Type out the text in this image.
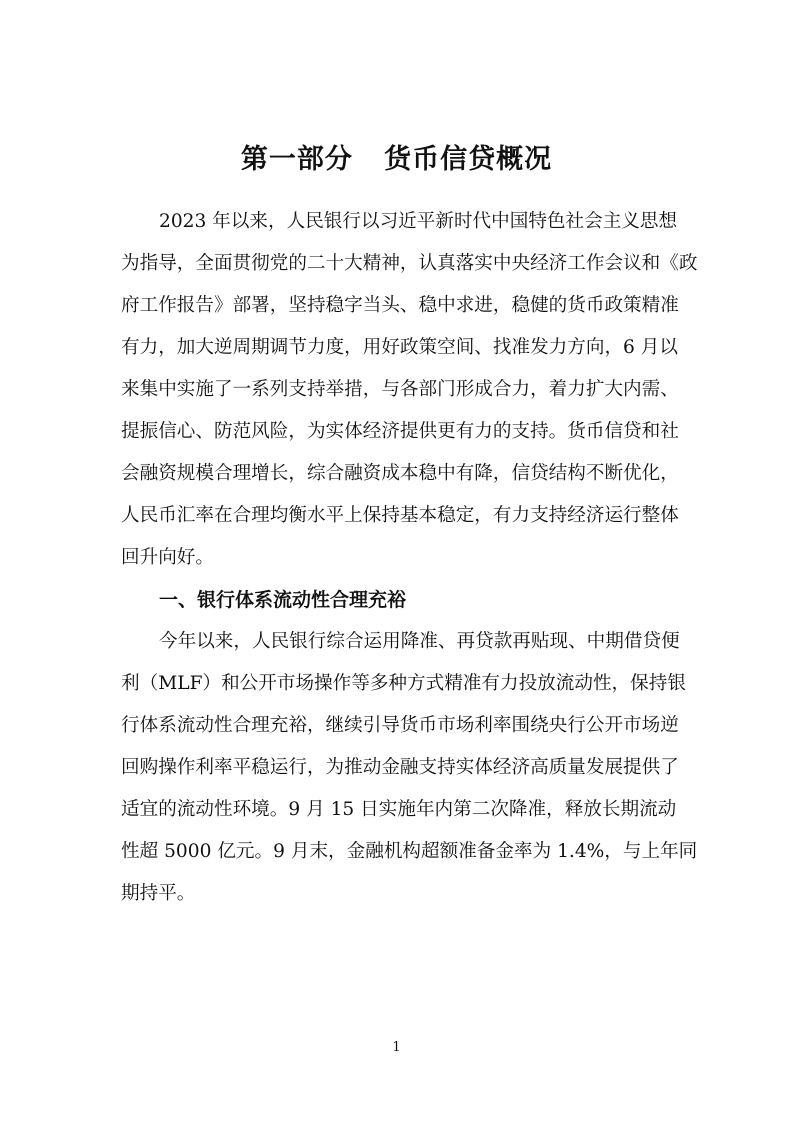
第一部分   货币信贷概况
2023 年以来，人民银行以习近平新时代中国特色社会主义思想
为指导，全面贯彻党的二十大精神，认真落实中央经济工作会议和《政
府工作报告》部署，坚持稳字当头、稳中求进，稳健的货币政策精准
有力，加大逆周期调节力度，用好政策空间、找准发力方向，6 月以
来集中实施了一系列支持举措，与各部门形成合力，着力扩大内需、
提振信心、防范风险，为实体经济提供更有力的支持。货币信贷和社
会融资规模合理增长，综合融资成本稳中有降，信贷结构不断优化，
人民币汇率在合理均衡水平上保持基本稳定，有力支持经济运行整体
回升向好。
一、银行体系流动性合理充裕
今年以来，人民银行综合运用降准、再贷款再贴现、中期借贷便
利（MLF）和公开市场操作等多种方式精准有力投放流动性，保持银
行体系流动性合理充裕，继续引导货币市场利率围绕央行公开市场逆
回购操作利率平稳运行，为推动金融支持实体经济高质量发展提供了
适宜的流动性环境。9 月 15 日实施年内第二次降准，释放长期流动
性超 5000 亿元。9 月末，金融机构超额准备金率为 1.4%，与上年同
期持平。
1
